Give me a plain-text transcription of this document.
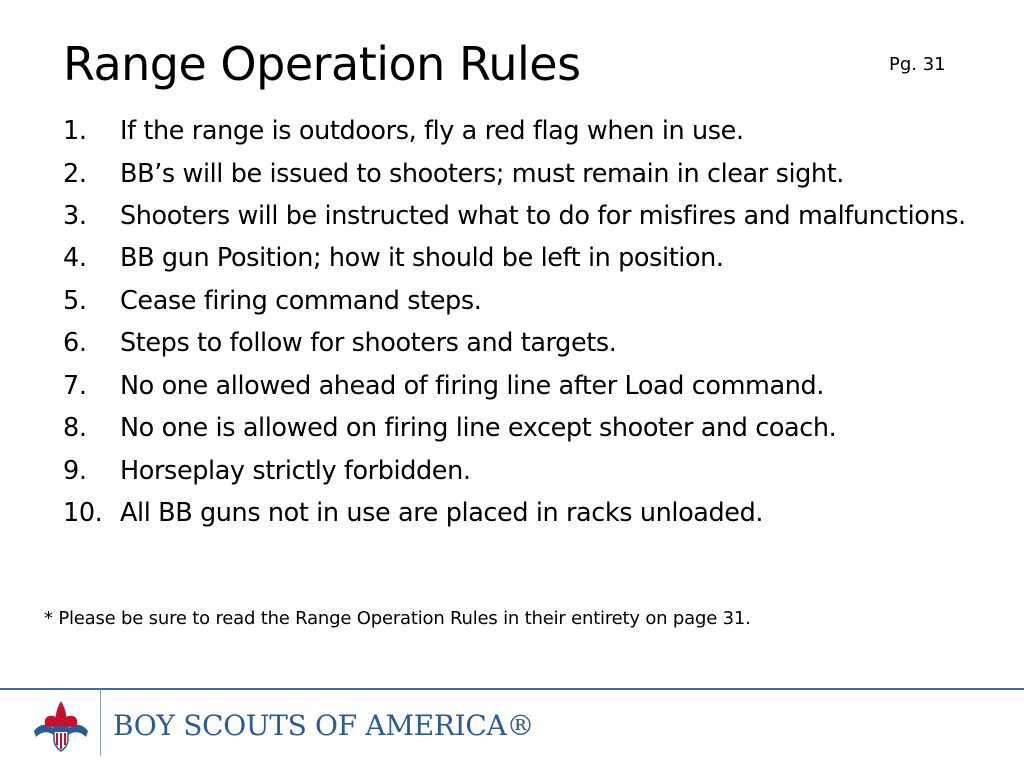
Range Operation Rules	Pg. 31
1.	If the range is outdoors, fly a red flag when in use.
2.	BB’s will be issued to shooters; must remain in clear sight.
3.	Shooters will be instructed what to do for misfires and malfunctions.
4.	BB gun Position; how it should be left in position.
5.	Cease firing command steps.
6.	Steps to follow for shooters and targets.
7.	No one allowed ahead of firing line after Load command.
8.	No one is allowed on firing line except shooter and coach.
9.	Horseplay strictly forbidden.
10. All BB guns not in use are placed in racks unloaded.
* Please be sure to read the Range Operation Rules in their entirety on page 31.
BOY SCOUTS OF AMERICA®
